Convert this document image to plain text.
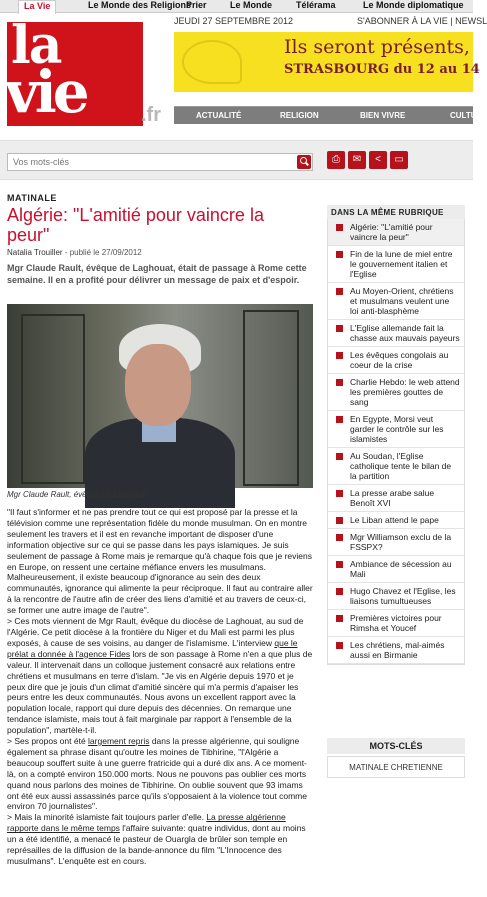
La Vie	Le Monde des Religions
Prier	Le Monde	Télérama	Le Monde diplomatique
la
vie	.fr
JEUDI 27 SEPTEMBRE 2012	S'ABONNER À LA VIE | NEWSL
Ils seront présents,
STRASBOURG du 12 au 14
ACTUALITÉ	RELIGION	BIEN VIVRE	CULTU
Vos mots-clés	⎙	✉	<	▭
MATINALE
Algérie: "L'amitié pour vaincre la peur"
Natalia Trouiller - publié le 27/09/2012
Mgr Claude Rault, évêque de Laghouat, était de passage à Rome cette semaine. Il en a profité pour délivrer un message de paix et d'espoir.
Mgr Claude Rault, évêque de Laghouat.

"Il faut s'informer et ne pas prendre tout ce qui est proposé par la presse et la télévision comme une représentation fidèle du monde musulman. On en montre seulement les travers et il est en revanche important de disposer d'une information objective sur ce qui se passe dans les pays islamiques. Je suis seulement de passage à Rome mais je remarque qu'à chaque fois que je reviens en Europe, on ressent une certaine méfiance envers les musulmans. Malheureusement, il existe beaucoup d'ignorance au sein des deux communautés, ignorance qui alimente la peur réciproque. Il faut au contraire aller à la rencontre de l'autre afin de créer des liens d'amitié et au travers de ceux-ci, se former une autre image de l'autre".

> Ces mots viennent de Mgr Rault, évêque du diocèse de Laghouat, au sud de l'Algérie. Ce petit diocèse à la frontière du Niger et du Mali est parmi les plus exposés, à cause de ses voisins, au danger de l'islamisme. L'interview que le prélat a donnée à l'agence Fides lors de son passage à Rome n'en a que plus de valeur. Il intervenait dans un colloque justement consacré aux relations entre chrétiens et musulmans en terre d'islam. "Je vis en Algérie depuis 1970 et je peux dire que je jouis d'un climat d'amitié sincère qui m'a permis d'apaiser les peurs entre les deux communautés. Nous avons un excellent rapport avec la population locale, rapport qui dure depuis des décennies. On remarque une tendance islamiste, mais tout à fait marginale par rapport à l'ensemble de la population", martèle-t-il.

> Ses propos ont été largement repris dans la presse algérienne, qui souligne également sa phrase disant qu'outre les moines de Tibhirine, "l'Algérie a beaucoup souffert suite à une guerre fratricide qui a duré dix ans. A ce moment-là, on a compté environ 150.000 morts. Nous ne pouvons pas oublier ces morts quand nous parlons des moines de Tibhirine. On oublie souvent que 93 imams ont été eux aussi assassinés parce qu'ils s'opposaient à la violence tout comme environ 70 journalistes".

> Mais la minorité islamiste fait toujours parler d'elle. La presse algérienne rapporte dans le même temps l'affaire suivante: quatre individus, dont au moins un a été identifié, a menacé le pasteur de Ouargla de brûler son temple en représailles de la diffusion de la bande-annonce du film "L'Innocence des musulmans". L'enquête est en cours.

DANS LA MÊME RUBRIQUE
Algérie: "L'amitié pour vaincre la peur"
Fin de la lune de miel entre le gouvernement italien et l'Eglise
Au Moyen-Orient, chrétiens et musulmans veulent une loi anti-blasphème
L'Eglise allemande fait la chasse aux mauvais payeurs
Les évêques congolais au coeur de la crise
Charlie Hebdo: le web attend les premières gouttes de sang
En Egypte, Morsi veut garder le contrôle sur les islamistes
Au Soudan, l'Eglise catholique tente le bilan de la partition
La presse arabe salue Benoît XVI
Le Liban attend le pape
Mgr Williamson exclu de la FSSPX?
Ambiance de sécession au Mali
Hugo Chavez et l'Eglise, les liaisons tumultueuses
Premières victoires pour Rimsha et Youcef
Les chrétiens, mal-aimés aussi en Birmanie
MOTS-CLÉS
MATINALE CHRETIENNE
